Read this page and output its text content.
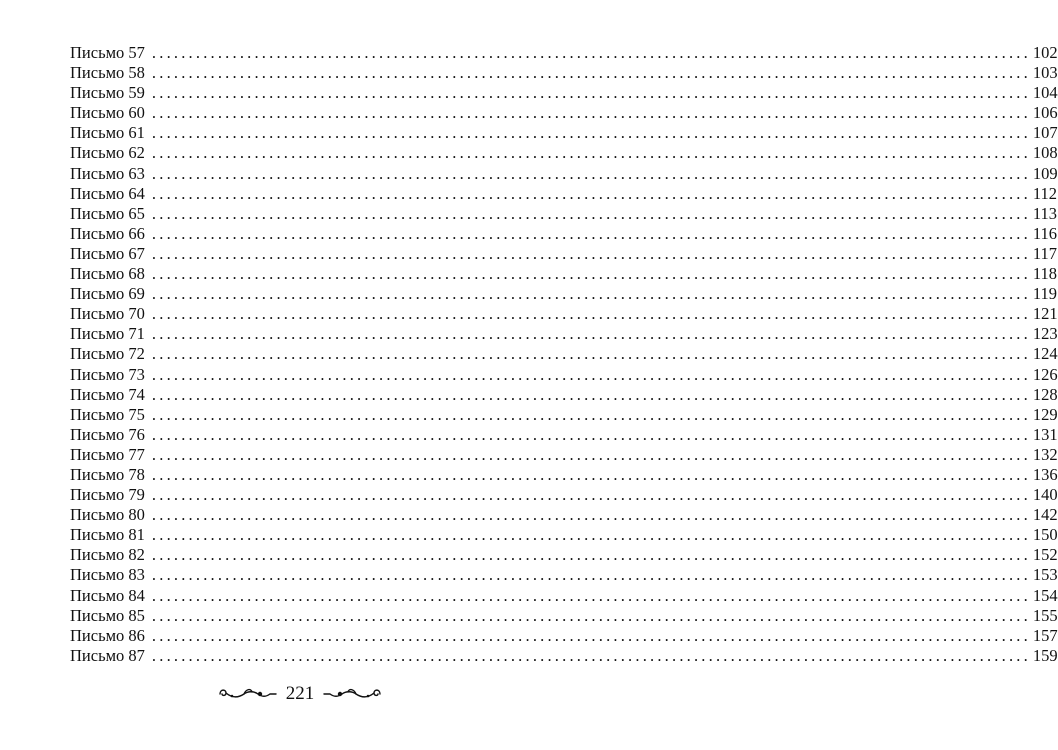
Письмо 57 ........................................................................................................................ 102
Письмо 58 ........................................................................................................................ 103
Письмо 59 ........................................................................................................................ 104
Письмо 60 ........................................................................................................................ 106
Письмо 61 ........................................................................................................................ 107
Письмо 62 ........................................................................................................................ 108
Письмо 63 ........................................................................................................................ 109
Письмо 64 ........................................................................................................................ 112
Письмо 65 ........................................................................................................................ 113
Письмо 66 ........................................................................................................................ 116
Письмо 67 ........................................................................................................................ 117
Письмо 68 ........................................................................................................................ 118
Письмо 69 ........................................................................................................................ 119
Письмо 70 ........................................................................................................................ 121
Письмо 71 ........................................................................................................................ 123
Письмо 72 ........................................................................................................................ 124
Письмо 73 ........................................................................................................................ 126
Письмо 74 ........................................................................................................................ 128
Письмо 75 ........................................................................................................................ 129
Письмо 76 ........................................................................................................................ 131
Письмо 77 ........................................................................................................................ 132
Письмо 78 ........................................................................................................................ 136
Письмо 79 ........................................................................................................................ 140
Письмо 80 ........................................................................................................................ 142
Письмо 81 ........................................................................................................................ 150
Письмо 82 ........................................................................................................................ 152
Письмо 83 ........................................................................................................................ 153
Письмо 84 ........................................................................................................................ 154
Письмо 85 ........................................................................................................................ 155
Письмо 86 ........................................................................................................................ 157
Письмо 87 ........................................................................................................................ 159
221
